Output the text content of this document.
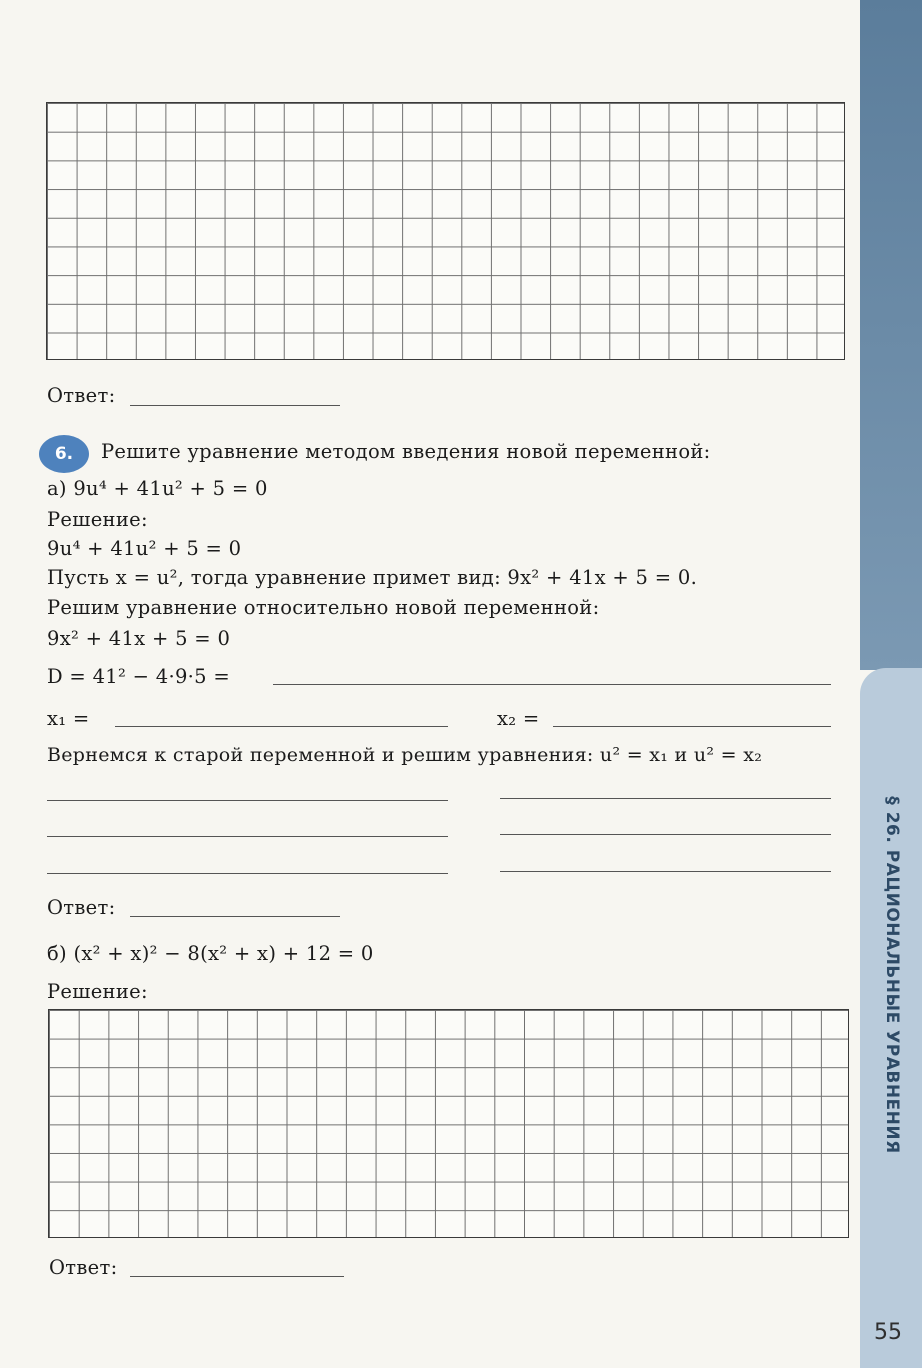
Ответ:
6.	Решите уравнение методом введения новой переменной:
а) 9u⁴ + 41u² + 5 = 0
Решение:
9u⁴ + 41u² + 5 = 0
Пусть x = u², тогда уравнение примет вид: 9x² + 41x + 5 = 0.
Решим уравнение относительно новой переменной:
9x² + 41x + 5 = 0
D = 41² − 4·9·5 =
x₁ =	x₂ =
Вернемся к старой переменной и решим уравнения: u² = x₁ и u² = x₂
Ответ:
б) (x² + x)² − 8(x² + x) + 12 = 0
Решение:
Ответ:
§ 26. РАЦИОНАЛЬНЫЕ УРАВНЕНИЯ
55
